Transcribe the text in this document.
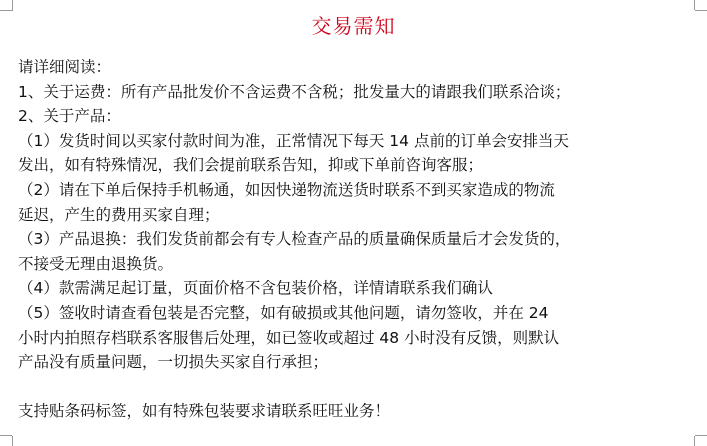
交易需知
请详细阅读：
1、关于运费：所有产品批发价不含运费不含税；批发量大的请跟我们联系洽谈；
2、关于产品：
（1）发货时间以买家付款时间为准，正常情况下每天 14 点前的订单会安排当天
发出，如有特殊情况，我们会提前联系告知，抑或下单前咨询客服；
（2）请在下单后保持手机畅通，如因快递物流送货时联系不到买家造成的物流
延迟，产生的费用买家自理；
（3）产品退换：我们发货前都会有专人检查产品的质量确保质量后才会发货的，
不接受无理由退换货。
（4）款需满足起订量，页面价格不含包装价格，详情请联系我们确认
（5）签收时请查看包装是否完整，如有破损或其他问题，请勿签收，并在 24
小时内拍照存档联系客服售后处理，如已签收或超过 48 小时没有反馈，则默认
产品没有质量问题，一切损失买家自行承担；
支持贴条码标签，如有特殊包装要求请联系旺旺业务！
